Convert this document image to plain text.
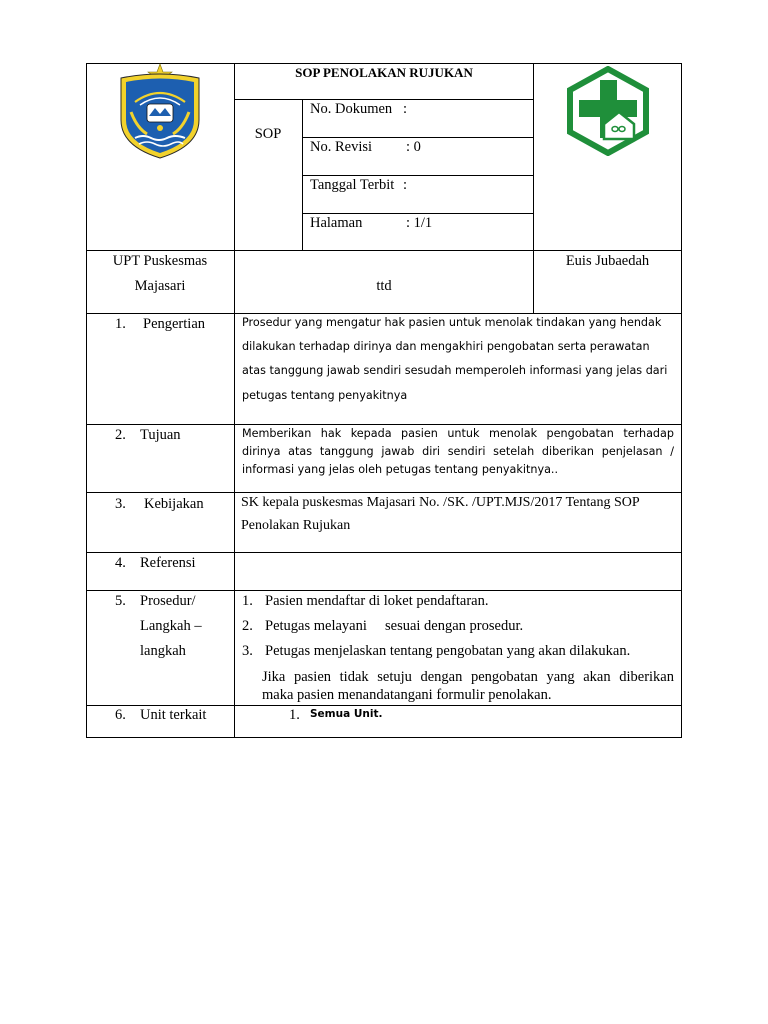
SOP PENOLAKAN RUJUKAN
SOP
No. Dokumen :
No. Revisi : 0
Tanggal Terbit :
Halaman	: 1/1
UPT Puskesmas
Majasari	ttd
Euis Jubaedah
1. Pengertian	Prosedur yang mengatur hak pasien untuk menolak tindakan yang hendak
dilakukan terhadap dirinya dan mengakhiri pengobatan serta perawatan
atas tanggung jawab sendiri sesudah memperoleh informasi yang jelas dari
petugas tentang penyakitnya
2. Tujuan	Memberikan hak kepada pasien untuk menolak pengobatan terhadap
dirinya atas tanggung jawab diri sendiri setelah diberikan penjelasan /
informasi yang jelas oleh petugas tentang penyakitnya..
3. Kebijakan	SK kepala puskesmas Majasari No. /SK. /UPT.MJS/2017 Tentang SOP
Penolakan Rujukan
4. Referensi
5. Prosedur/
Langkah –
langkah
1. Pasien mendaftar di loket pendaftaran.
2. Petugas melayani     sesuai dengan prosedur.
3. Petugas menjelaskan tentang pengobatan yang akan dilakukan.
Jika pasien tidak setuju dengan pengobatan yang akan diberikan
maka pasien menandatangani formulir penolakan.
6. Unit terkait	1. Semua Unit.
